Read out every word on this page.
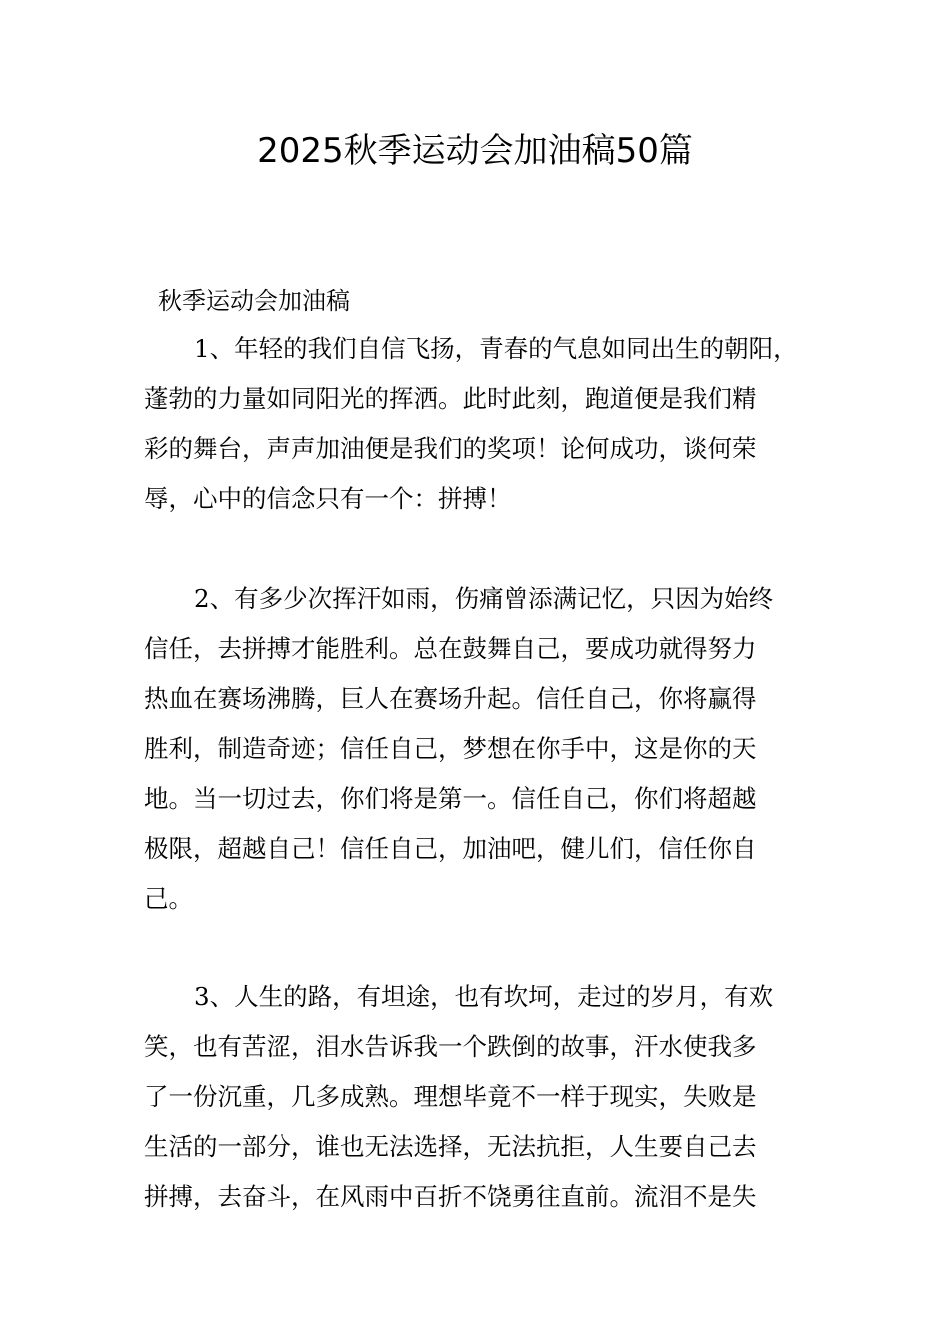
2025秋季运动会加油稿50篇
秋季运动会加油稿
1、年轻的我们自信飞扬，青春的气息如同出生的朝阳，
蓬勃的力量如同阳光的挥洒。此时此刻，跑道便是我们精
彩的舞台，声声加油便是我们的奖项！论何成功，谈何荣
辱，心中的信念只有一个：拼搏！
2、有多少次挥汗如雨，伤痛曾添满记忆，只因为始终
信任，去拼搏才能胜利。总在鼓舞自己，要成功就得努力
热血在赛场沸腾，巨人在赛场升起。信任自己，你将赢得
胜利，制造奇迹；信任自己，梦想在你手中，这是你的天
地。当一切过去，你们将是第一。信任自己，你们将超越
极限，超越自己！信任自己，加油吧，健儿们，信任你自
己。
3、人生的路，有坦途，也有坎坷，走过的岁月，有欢
笑，也有苦涩，泪水告诉我一个跌倒的故事，汗水使我多
了一份沉重，几多成熟。理想毕竟不一样于现实，失败是
生活的一部分，谁也无法选择，无法抗拒，人生要自己去
拼搏，去奋斗，在风雨中百折不饶勇往直前。流泪不是失
